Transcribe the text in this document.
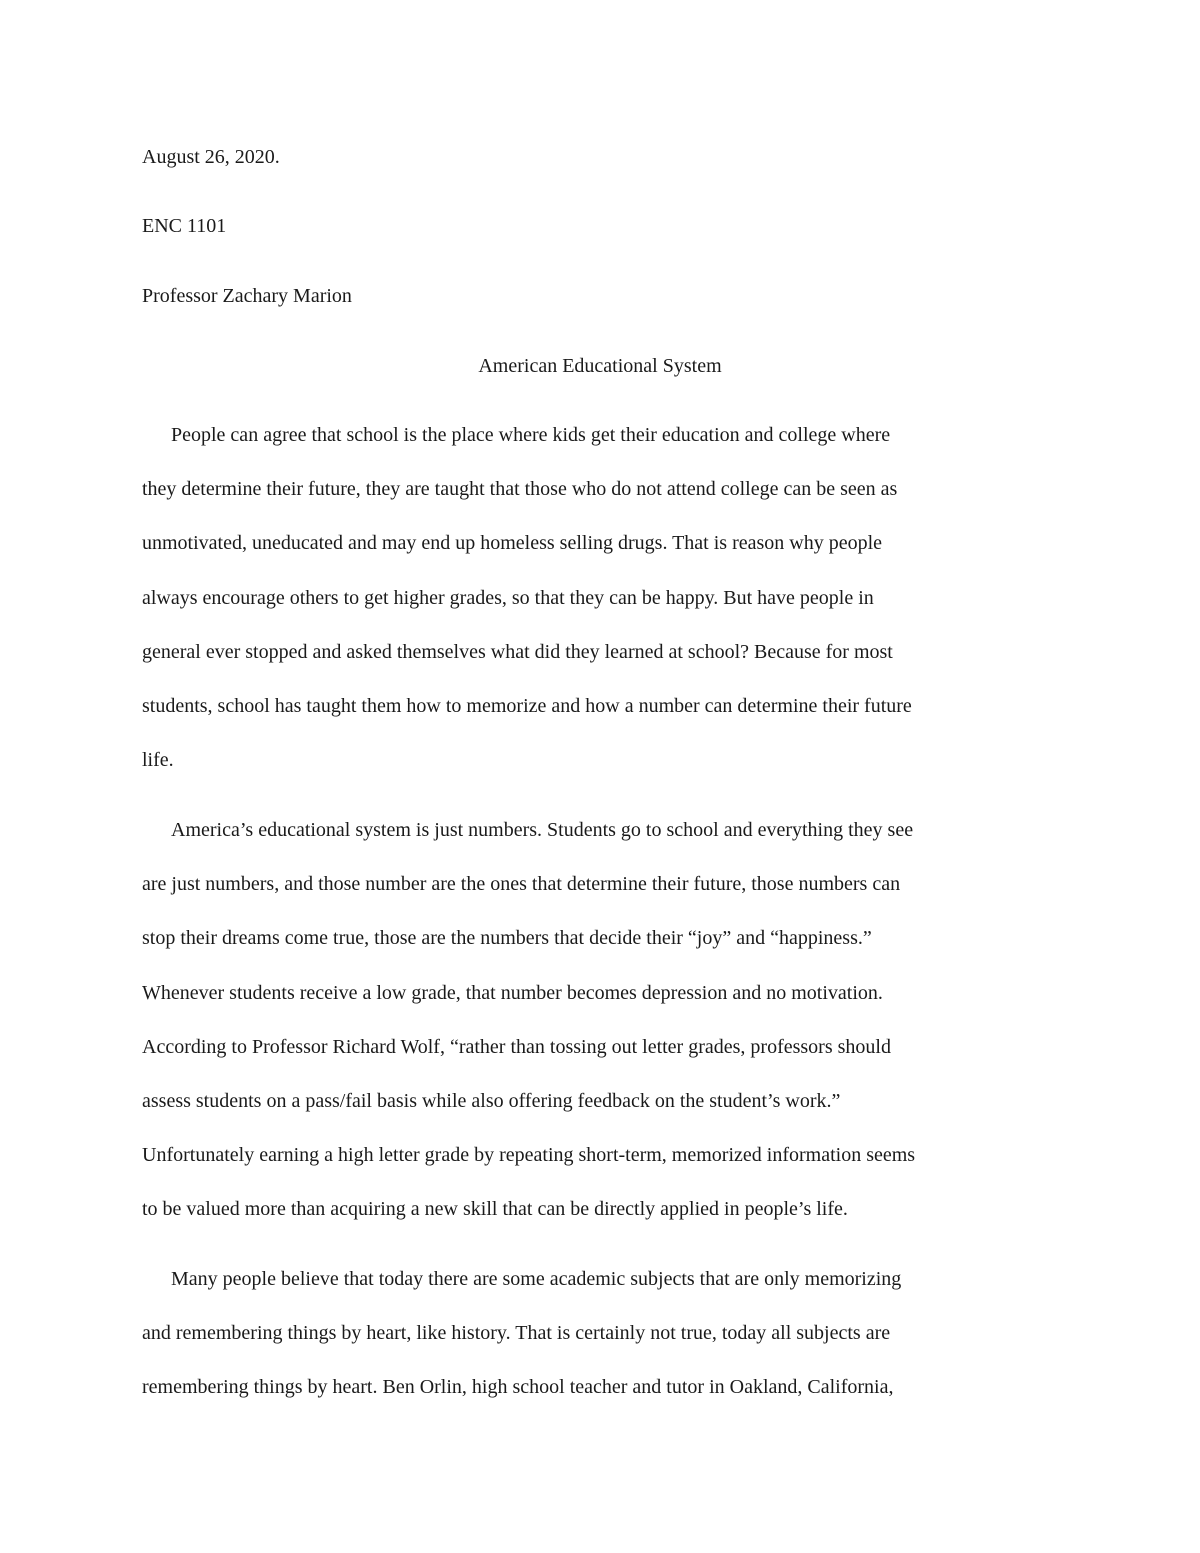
August 26, 2020.

ENC 1101

Professor Zachary Marion

American Educational System

People can agree that school is the place where kids get their education and college where
they determine their future, they are taught that those who do not attend college can be seen as
unmotivated, uneducated and may end up homeless selling drugs. That is reason why people
always encourage others to get higher grades, so that they can be happy. But have people in
general ever stopped and asked themselves what did they learned at school? Because for most
students, school has taught them how to memorize and how a number can determine their future
life.
America’s educational system is just numbers. Students go to school and everything they see
are just numbers, and those number are the ones that determine their future, those numbers can
stop their dreams come true, those are the numbers that decide their “joy” and “happiness.”
Whenever students receive a low grade, that number becomes depression and no motivation.
According to Professor Richard Wolf, “rather than tossing out letter grades, professors should
assess students on a pass/fail basis while also offering feedback on the student’s work.”
Unfortunately earning a high letter grade by repeating short-term, memorized information seems
to be valued more than acquiring a new skill that can be directly applied in people’s life.
Many people believe that today there are some academic subjects that are only memorizing
and remembering things by heart, like history. That is certainly not true, today all subjects are
remembering things by heart. Ben Orlin, high school teacher and tutor in Oakland, California,
